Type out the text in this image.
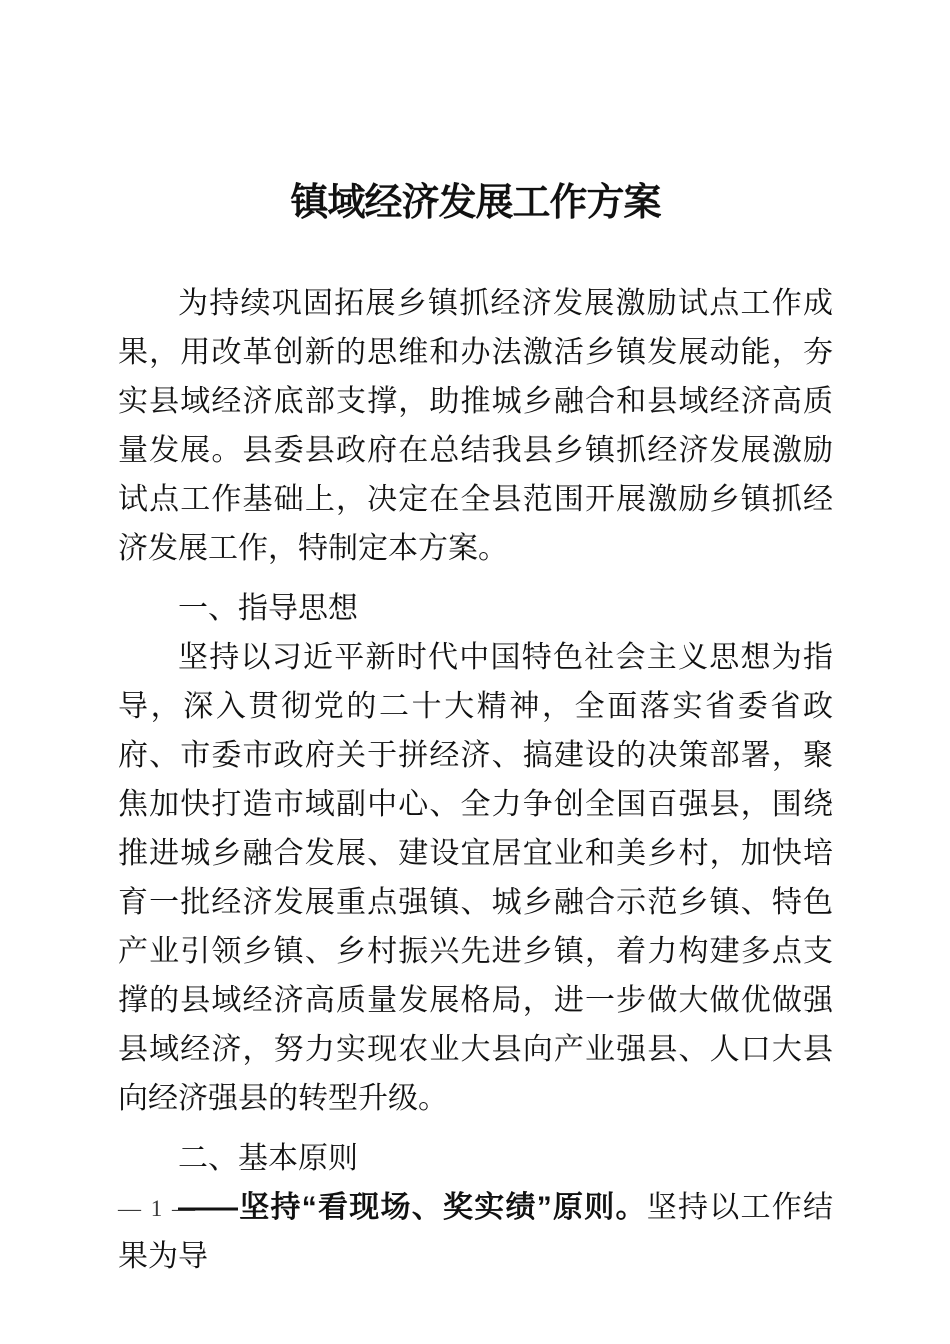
镇域经济发展工作方案

为持续巩固拓展乡镇抓经济发展激励试点工作成果，用改革创新的思维和办法激活乡镇发展动能，夯实县域经济底部支撑，助推城乡融合和县域经济高质量发展。县委县政府在总结我县乡镇抓经济发展激励试点工作基础上，决定在全县范围开展激励乡镇抓经济发展工作，特制定本方案。

一、指导思想

坚持以习近平新时代中国特色社会主义思想为指导，深入贯彻党的二十大精神，全面落实省委省政府、市委市政府关于拼经济、搞建设的决策部署，聚焦加快打造市域副中心、全力争创全国百强县，围绕推进城乡融合发展、建设宜居宜业和美乡村，加快培育一批经济发展重点强镇、城乡融合示范乡镇、特色产业引领乡镇、乡村振兴先进乡镇，着力构建多点支撑的县域经济高质量发展格局，进一步做大做优做强县域经济，努力实现农业大县向产业强县、人口大县向经济强县的转型升级。

二、基本原则

——坚持“看现场、奖实绩”原则。坚持以工作结果为导

— 1 —
